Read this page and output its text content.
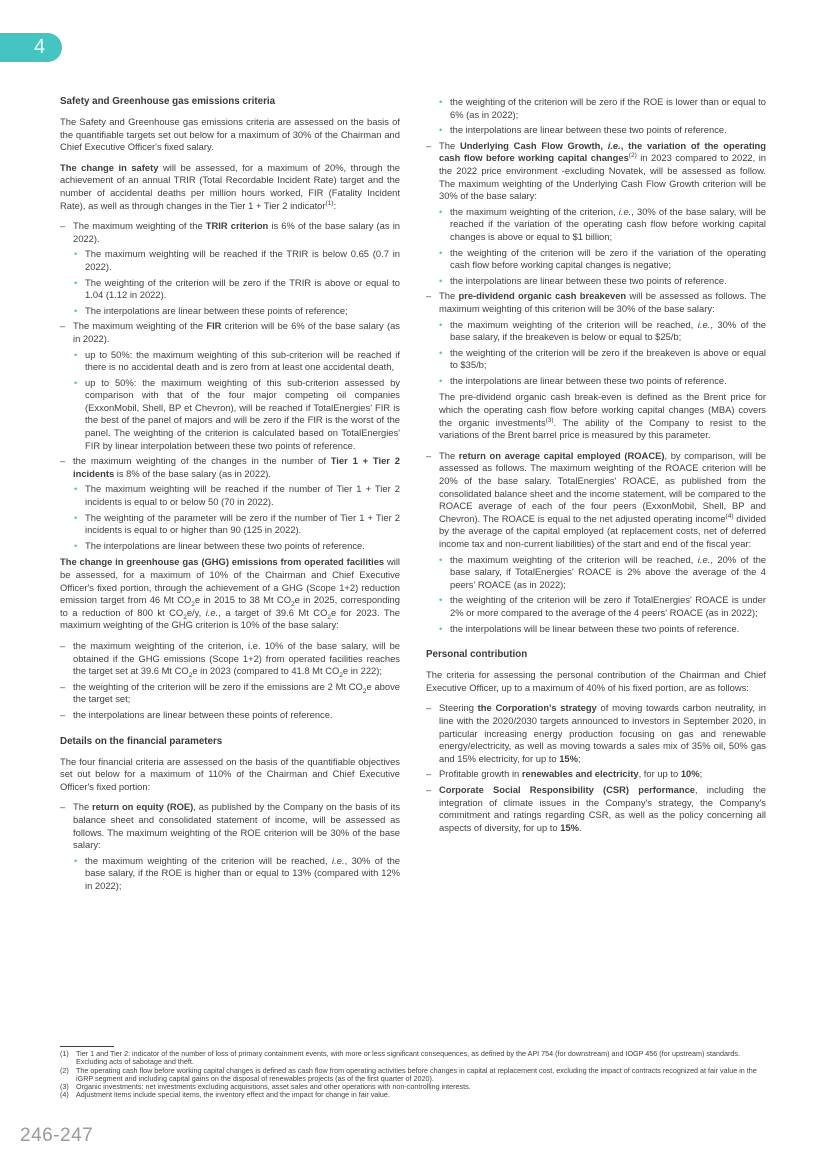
4
Safety and Greenhouse gas emissions criteria

The Safety and Greenhouse gas emissions criteria are assessed on the basis of the quantifiable targets set out below for a maximum of 30% of the Chairman and Chief Executive Officer's fixed salary.

The change in safety will be assessed, for a maximum of 20%, through the achievement of an annual TRIR (Total Recordable Incident Rate) target and the number of accidental deaths per million hours worked, FIR (Fatality Incident Rate), as well as through changes in the Tier 1 + Tier 2 indicator$^{(1)}$:

– The maximum weighting of the TRIR criterion is 6% of the base salary (as in 2022).
• The maximum weighting will be reached if the TRIR is below 0.65 (0.7 in 2022).
• The weighting of the criterion will be zero if the TRIR is above or equal to 1.04 (1.12 in 2022).
• The interpolations are linear between these points of reference;
– The maximum weighting of the FIR criterion will be 6% of the base salary (as in 2022).
• up to 50%: the maximum weighting of this sub-criterion will be reached if there is no accidental death and is zero from at least one accidental death,
• up to 50%: the maximum weighting of this sub-criterion assessed by comparison with that of the four major competing oil companies (ExxonMobil, Shell, BP et Chevron), will be reached if TotalEnergies' FIR is the best of the panel of majors and will be zero if the FIR is the worst of the panel. The weighting of the criterion is calculated based on TotalEnergies' FIR by linear interpolation between these two points of reference.
– the maximum weighting of the changes in the number of Tier 1 + Tier 2 incidents is 8% of the base salary (as in 2022).
• The maximum weighting will be reached if the number of Tier 1 + Tier 2 incidents is equal to or below 50 (70 in 2022).
• The weighting of the parameter will be zero if the number of Tier 1 + Tier 2 incidents is equal to or higher than 90 (125 in 2022).
• The interpolations are linear between these two points of reference.

The change in greenhouse gas (GHG) emissions from operated facilities will be assessed, for a maximum of 10% of the Chairman and Chief Executive Officer's fixed portion, through the achievement of a GHG (Scope 1+2) reduction emission target from 46 Mt $CO_2e$ in 2015 to 38 Mt $CO_2e$ in 2025, corresponding to a reduction of 800 kt $CO_2e/y$, i.e., a target of 39.6 Mt $CO_2e$ for 2023. The maximum weighting of the GHG criterion is 10% of the base salary:

– the maximum weighting of the criterion, i.e. 10% of the base salary, will be obtained if the GHG emissions (Scope 1+2) from operated facilities reaches the target set at 39.6 Mt $CO_2e$ in 2023 (compared to 41.8 Mt $CO_2e$ in 222);
– the weighting of the criterion will be zero if the emissions are 2 Mt $CO_2e$ above the target set;
– the interpolations are linear between these points of reference.
Details on the financial parameters

The four financial criteria are assessed on the basis of the quantifiable objectives set out below for a maximum of 110% of the Chairman and Chief Executive Officer's fixed portion:

– The return on equity (ROE), as published by the Company on the basis of its balance sheet and consolidated statement of income, will be assessed as follows. The maximum weighting of the ROE criterion will be 30% of the base salary:
• the maximum weighting of the criterion will be reached, i.e., 30% of the base salary, if the ROE is higher than or equal to 13% (compared with 12% in 2022);
• the weighting of the criterion will be zero if the ROE is lower than or equal to 6% (as in 2022);
• the interpolations are linear between these two points of reference.
– The Underlying Cash Flow Growth, i.e., the variation of the operating cash flow before working capital changes$^{(2)}$ in 2023 compared to 2022, in the 2022 price environment -excluding Novatek, will be assessed as follow. The maximum weighting of the Underlying Cash Flow Growth criterion will be 30% of the base salary:
• the maximum weighting of the criterion, i.e., 30% of the base salary, will be reached if the variation of the operating cash flow before working capital changes is above or equal to $1 billion;
• the weighting of the criterion will be zero if the variation of the operating cash flow before working capital changes is negative;
• the interpolations are linear between these two points of reference.
– The pre-dividend organic cash breakeven will be assessed as follows. The maximum weighting of this criterion will be 30% of the base salary:
• the maximum weighting of the criterion will be reached, i.e., 30% of the base salary, if the breakeven is below or equal to $25/b;
• the weighting of the criterion will be zero if the breakeven is above or equal to $35/b;
• the interpolations are linear between these two points of reference.

The pre-dividend organic cash break-even is defined as the Brent price for which the operating cash flow before working capital changes (MBA) covers the organic investments$^{(3)}$. The ability of the Company to resist to the variations of the Brent barrel price is measured by this parameter.

– The return on average capital employed (ROACE), by comparison, will be assessed as follows. The maximum weighting of the ROACE criterion will be 20% of the base salary. TotalEnergies' ROACE, as published from the consolidated balance sheet and the income statement, will be compared to the ROACE average of each of the four peers (ExxonMobil, Shell, BP and Chevron). The ROACE is equal to the net adjusted operating income$^{(4)}$ divided by the average of the capital employed (at replacement costs, net of deferred income tax and non-current liabilities) of the start and end of the fiscal year:
• the maximum weighting of the criterion will be reached, i.e., 20% of the base salary, if TotalEnergies' ROACE is 2% above the average of the 4 peers' ROACE (as in 2022);
• the weighting of the criterion will be zero if TotalEnergies' ROACE is under 2% or more compared to the average of the 4 peers' ROACE (as in 2022);
• the interpolations will be linear between these two points of reference.
Personal contribution

The criteria for assessing the personal contribution of the Chairman and Chief Executive Officer, up to a maximum of 40% of his fixed portion, are as follows:

– Steering the Corporation's strategy of moving towards carbon neutrality, in line with the 2020/2030 targets announced to investors in September 2020, in particular increasing energy production focusing on gas and renewable energy/electricity, as well as moving towards a sales mix of 35% oil, 50% gas and 15% electricity, for up to 15%;
– Profitable growth in renewables and electricity, for up to 10%;
– Corporate Social Responsibility (CSR) performance, including the integration of climate issues in the Company's strategy, the Company's commitment and ratings regarding CSR, as well as the policy concerning all aspects of diversity, for up to 15%.
(1) Tier 1 and Tier 2: indicator of the number of loss of primary containment events, with more or less significant consequences, as defined by the API 754 (for downstream) and IOGP 456 (for upstream) standards. Excluding acts of sabotage and theft.
(2) The operating cash flow before working capital changes is defined as cash flow from operating activities before changes in capital at replacement cost, excluding the impact of contracts recognized at fair value in the iGRP segment and including capital gains on the disposal of renewables projects (as of the first quarter of 2020).
(3) Organic investments: net investments excluding acquisitions, asset sales and other operations with non-controlling interests.
(4) Adjustment items include special items, the inventory effect and the impact for change in fair value.
246-247
